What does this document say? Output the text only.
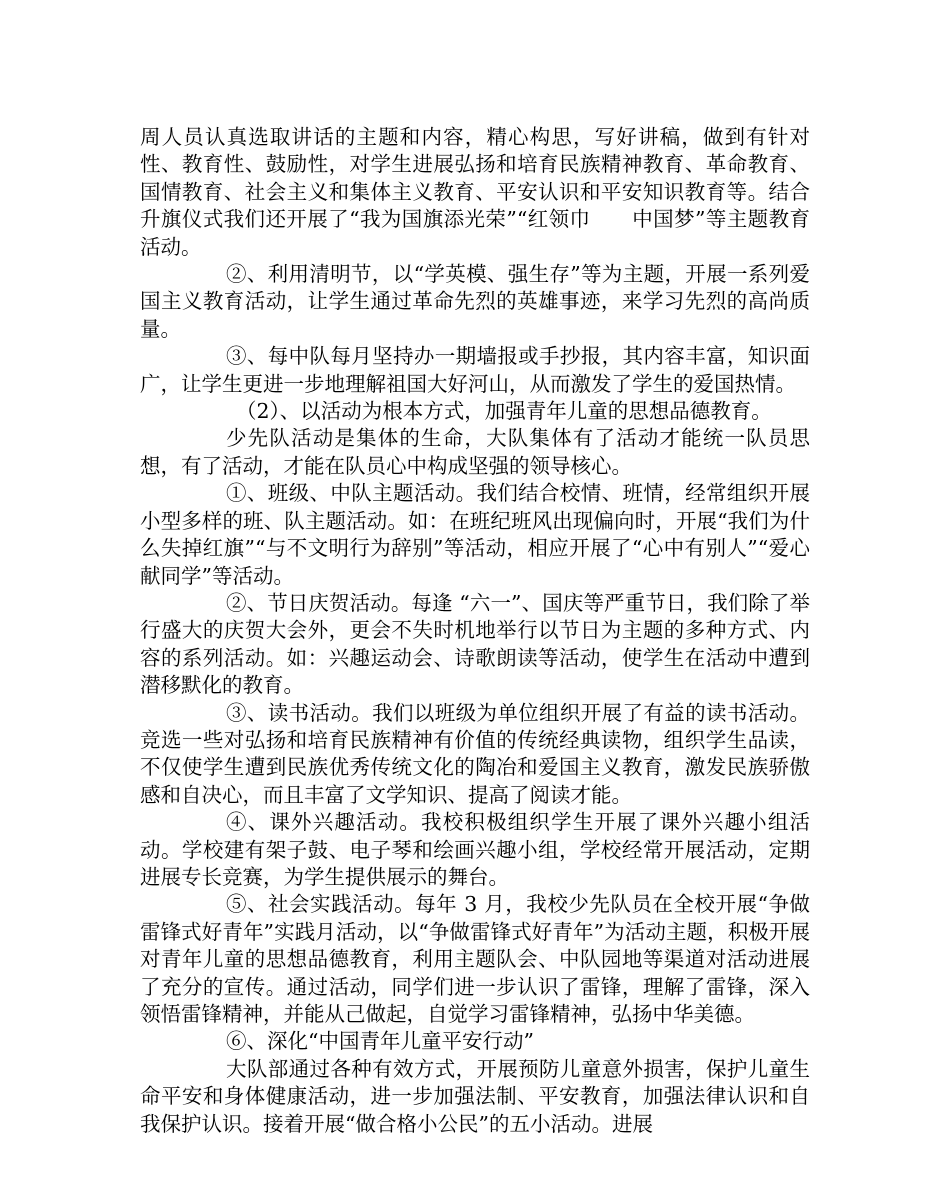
周人员认真选取讲话的主题和内容，精心构思，写好讲稿，做到有针对性、教育性、鼓励性，对学生进展弘扬和培育民族精神教育、革命教育、国情教育、社会主义和集体主义教育、平安认识和平安知识教育等。结合升旗仪式我们还开展了“我为国旗添光荣”“红领巾　　中国梦”等主题教育活动。

②、利用清明节，以“学英模、强生存”等为主题，开展一系列爱国主义教育活动，让学生通过革命先烈的英雄事迹，来学习先烈的高尚质量。

③、每中队每月坚持办一期墙报或手抄报，其内容丰富，知识面广，让学生更进一步地理解祖国大好河山，从而激发了学生的爱国热情。

（2）、以活动为根本方式，加强青年儿童的思想品德教育。

少先队活动是集体的生命，大队集体有了活动才能统一队员思想，有了活动，才能在队员心中构成坚强的领导核心。

①、班级、中队主题活动。我们结合校情、班情，经常组织开展小型多样的班、队主题活动。如：在班纪班风出现偏向时，开展“我们为什么失掉红旗”“与不文明行为辞别”等活动，相应开展了“心中有别人”“爱心献同学”等活动。

②、节日庆贺活动。每逢 “六一”、国庆等严重节日，我们除了举行盛大的庆贺大会外，更会不失时机地举行以节日为主题的多种方式、内容的系列活动。如：兴趣运动会、诗歌朗读等活动，使学生在活动中遭到潜移默化的教育。

③、读书活动。我们以班级为单位组织开展了有益的读书活动。竞选一些对弘扬和培育民族精神有价值的传统经典读物，组织学生品读，不仅使学生遭到民族优秀传统文化的陶冶和爱国主义教育，激发民族骄傲感和自决心，而且丰富了文学知识、提高了阅读才能。

④、课外兴趣活动。我校积极组织学生开展了课外兴趣小组活动。学校建有架子鼓、电子琴和绘画兴趣小组，学校经常开展活动，定期进展专长竞赛，为学生提供展示的舞台。

⑤、社会实践活动。每年 3 月，我校少先队员在全校开展“争做雷锋式好青年”实践月活动，以“争做雷锋式好青年”为活动主题，积极开展对青年儿童的思想品德教育，利用主题队会、中队园地等渠道对活动进展了充分的宣传。通过活动，同学们进一步认识了雷锋，理解了雷锋，深入领悟雷锋精神，并能从己做起，自觉学习雷锋精神，弘扬中华美德。

⑥、深化“中国青年儿童平安行动”

大队部通过各种有效方式，开展预防儿童意外损害，保护儿童生命平安和身体健康活动，进一步加强法制、平安教育，加强法律认识和自我保护认识。接着开展“做合格小公民”的五小活动。进展
